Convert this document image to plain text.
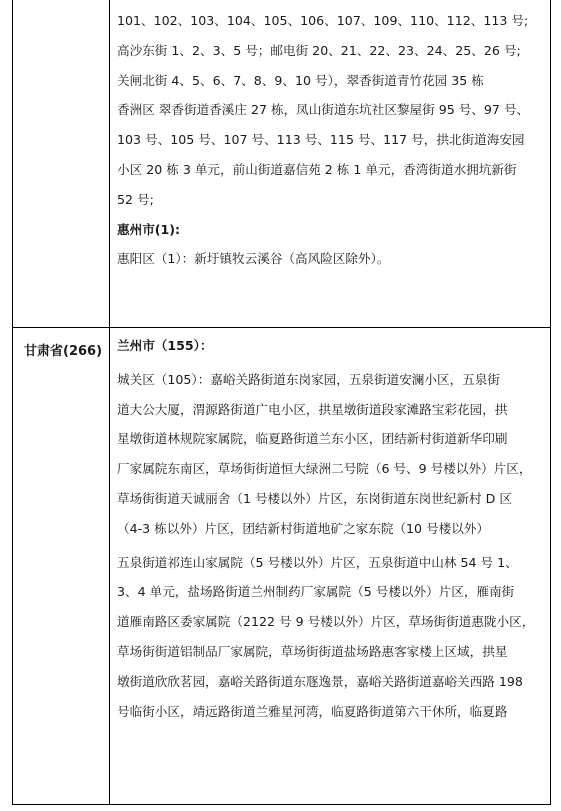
101、102、103、104、105、106、107、109、110、112、113 号;
高沙东街 1、2、3、5 号；邮电街 20、21、22、23、24、25、26 号;
关闸北街 4、5、6、7、8、9、10 号），翠香街道青竹花园 35 栋
香洲区 翠香街道香溪庄 27 栋，凤山街道东坑社区黎屋街 95 号、97 号、
103 号、105 号、107 号、113 号、115 号、117 号，拱北街道海安园
小区 20 栋 3 单元，前山街道嘉信苑 2 栋 1 单元，香湾街道水拥坑新街
52 号;
惠州市(1):
惠阳区（1）：新圩镇牧云溪谷（高风险区除外）。
甘肃省(266) 兰州市（155）：
城关区（105）：嘉峪关路街道东岗家园，五泉街道安澜小区，五泉街
道大公大厦，渭源路街道广电小区，拱星墩街道段家滩路宝彩花园，拱
星墩街道林规院家属院，临夏路街道兰东小区，团结新村街道新华印刷
厂家属院东南区，草场街街道恒大绿洲二号院（6 号、9 号楼以外）片区，
草场街街道天诚丽舍（1 号楼以外）片区，东岗街道东岗世纪新村 D 区
（4-3 栋以外）片区，团结新村街道地矿之家东院（10 号楼以外）
五泉街道祁连山家属院（5 号楼以外）片区，五泉街道中山林 54 号 1、
3、4 单元，盐场路街道兰州制药厂家属院（5 号楼以外）片区，雁南街
道雁南路区委家属院（2122 号 9 号楼以外）片区，草场街街道惠陇小区，
草场街街道铝制品厂家属院，草场街街道盐场路惠客家楼上区域，拱星
墩街道欣欣茗园，嘉峪关路街道东豗逸景，嘉峪关路街道嘉峪关西路 198
号临街小区，靖远路街道兰雅星河湾，临夏路街道第六干休所，临夏路
